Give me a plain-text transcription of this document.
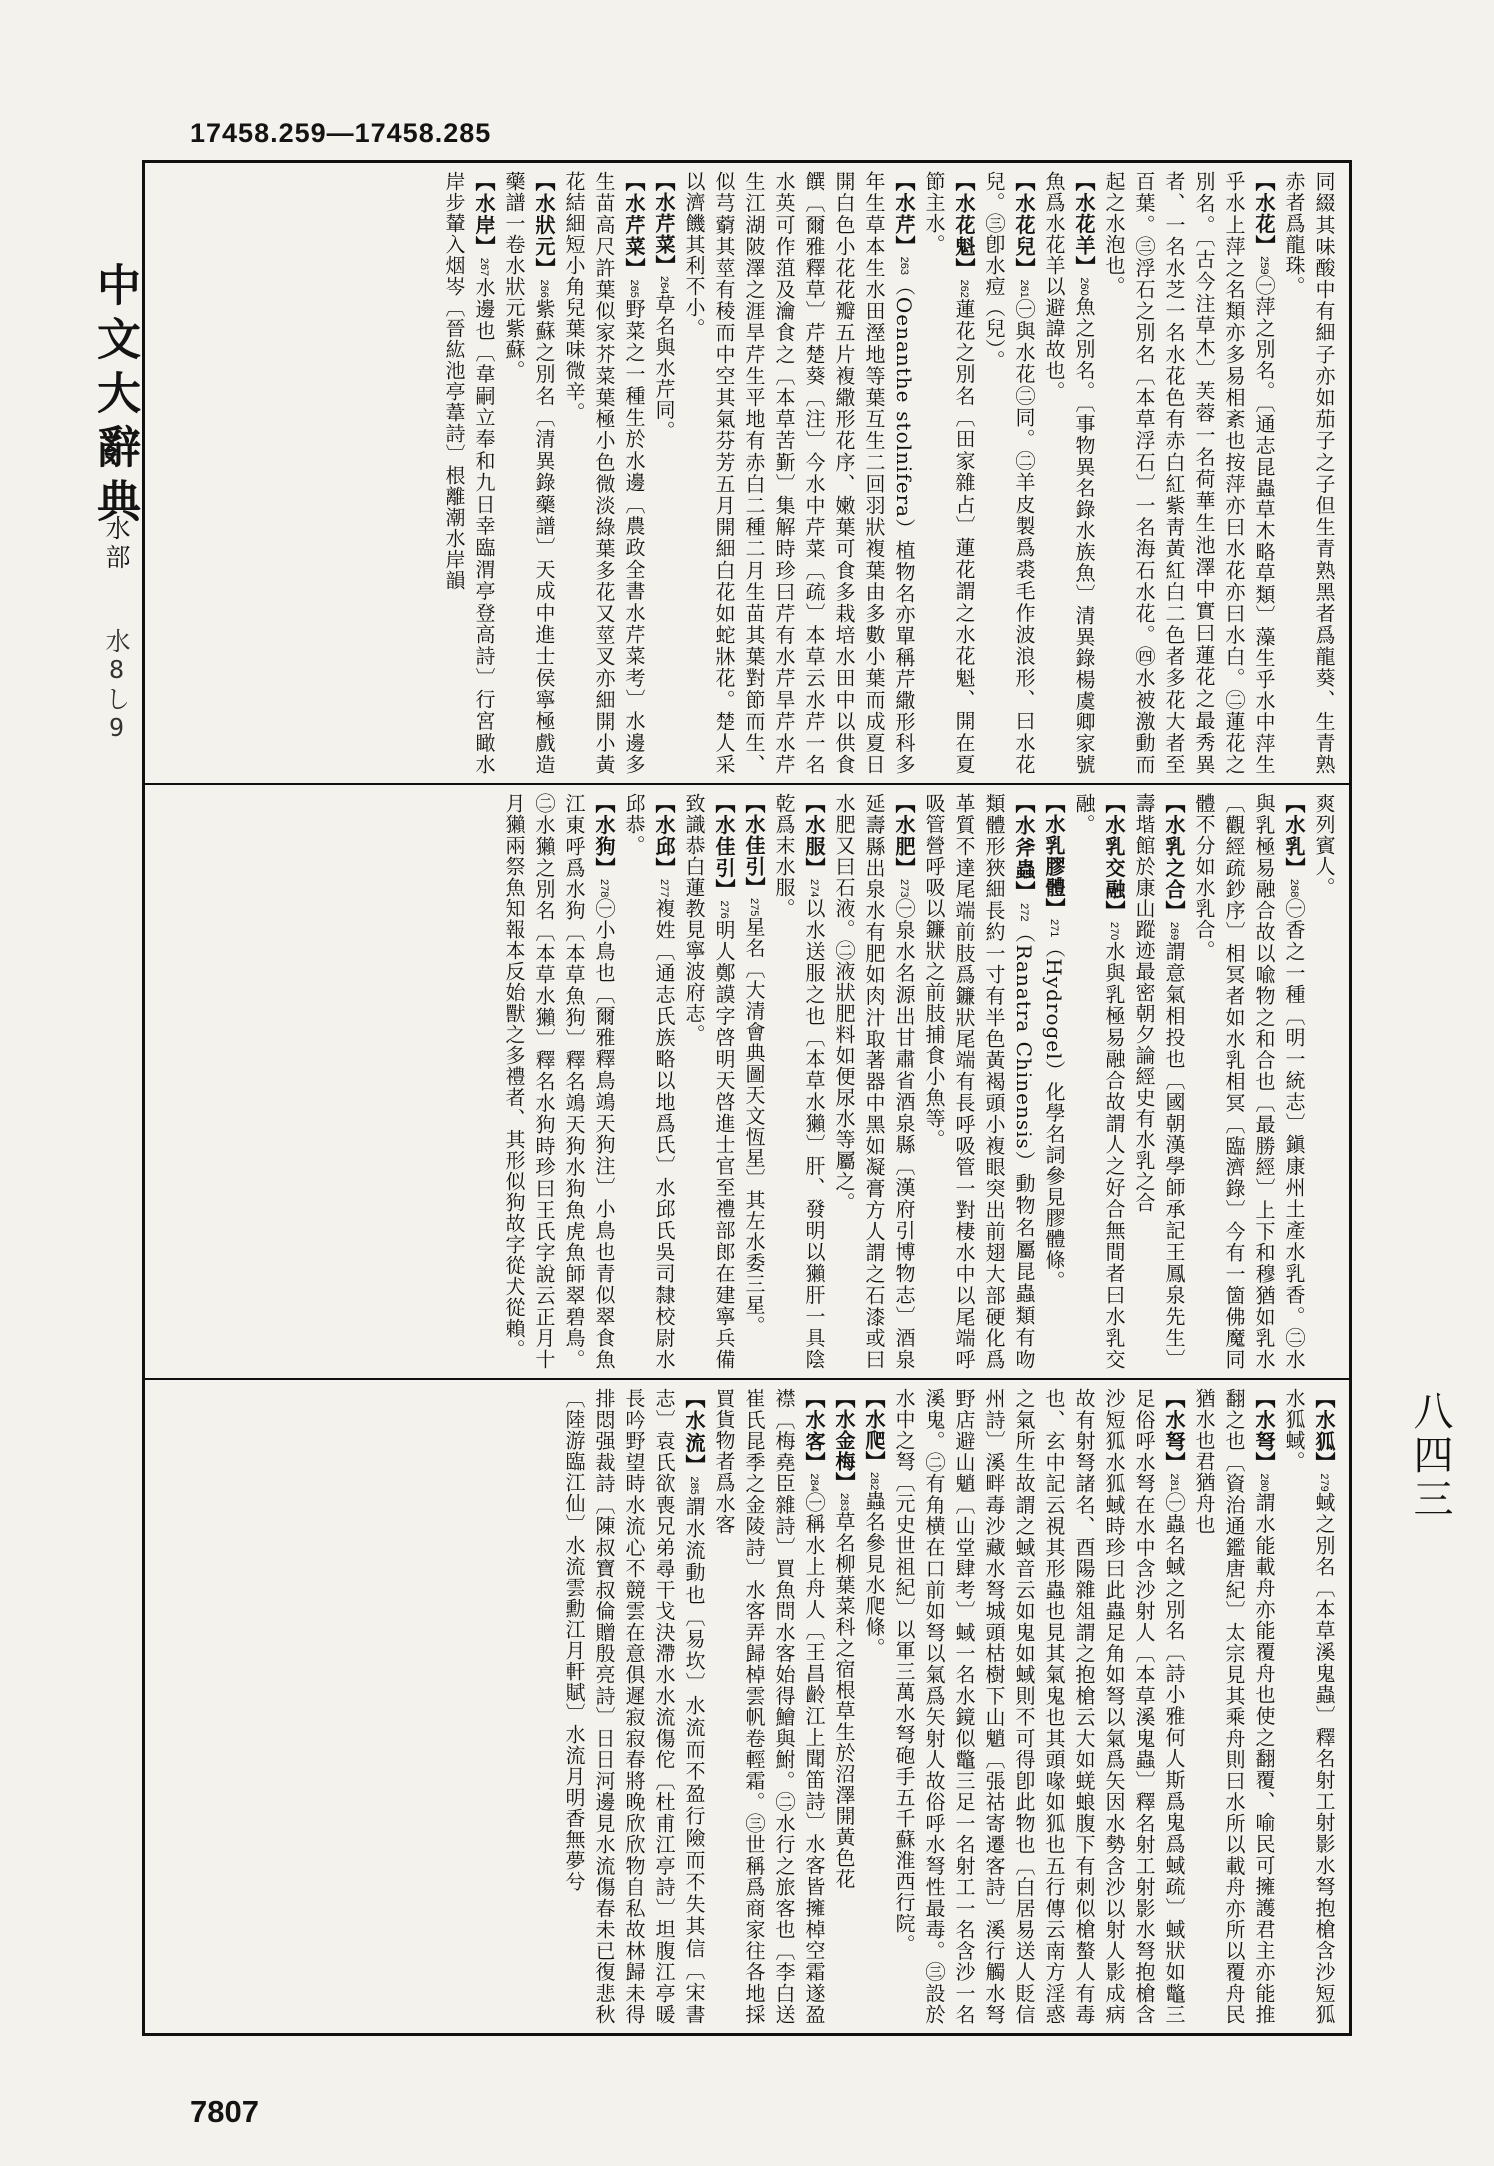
17458.259—17458.285
中文大辭典
水部 水8し9
八四三
同綴其味酸中有細子亦如茄子之子但生青熟黑者爲龍葵、生青熟赤者爲龍珠。
【水花】259㊀萍之別名。〔通志昆蟲草木略草類〕藻生乎水中萍生乎水上萍之名類亦多易相紊也按萍亦曰水花亦曰水白。㊁蓮花之別名。〔古今注草木〕芙蓉一名荷華生池澤中實曰蓮花之最秀異者、一名水芝一名水花色有赤白紅紫靑黃紅白二色者多花大者至百葉。㊂浮石之別名〔本草浮石〕一名海石水花。㊃水被激動而起之水泡也。
【水花羊】260魚之別名。〔事物異名錄水族魚〕清異錄楊虞卿家號魚爲水花羊以避諱故也。
【水花兒】261㊀與水花㊁同。㊁羊皮製爲裘毛作波浪形、曰水花兒。㊂卽水痘（兒）。
【水花魁】262蓮花之別名〔田家雜占〕蓮花謂之水花魁、開在夏節主水。
【水芹】263（Oenanthe stolnifera）植物名亦單稱芹繖形科多年生草本生水田溼地等葉互生二回羽狀複葉由多數小葉而成夏日開白色小花花瓣五片複繖形花序、嫩葉可食多栽培水田中以供食饌〔爾雅釋草〕芹楚葵〔注〕今水中芹菜〔疏〕本草云水芹一名水英可作菹及瀹食之〔本草苦斳〕集解時珍曰芹有水芹旱芹水芹生江湖陂澤之涯旱芹生平地有赤白二種二月生苗其葉對節而生、似芎藭其莖有稜而中空其氣芬芳五月開細白花如蛇牀花。楚人采以濟饑其利不小。
【水芹菜】264草名與水芹同。
【水芹菜】265野菜之一種生於水邊〔農政全書水芹菜考〕水邊多生苗高尺許葉似家芥菜葉極小色微淡綠葉多花又莖叉亦細開小黃花結細短小角兒葉味微辛。
【水狀元】266紫蘇之別名〔清異錄藥譜〕天成中進士侯寧極戲造藥譜一卷水狀元紫蘇。
【水岸】267水邊也〔韋嗣立奉和九日幸臨渭亭登高詩〕行宮瞰水岸步輦入烟岑〔晉紘池亭葦詩〕根離潮水岸韻
爽列賓人。
【水乳】268㊀香之一種〔明一統志〕鎭康州土產水乳香。㊁水與乳極易融合故以喩物之和合也〔最勝經〕上下和穆猶如乳水〔觀經疏鈔序〕相冥者如水乳相冥〔臨濟錄〕今有一箇佛魔同體不分如水乳合。
【水乳之合】269謂意氣相投也〔國朝漢學師承記王鳳泉先生〕壽堦館於康山蹤迹最密朝夕論經史有水乳之合
【水乳交融】270水與乳極易融合故謂人之好合無間者曰水乳交融。
【水乳膠體】271（Hydrogel）化學名詞參見膠體條。
【水斧蟲】272（Ranatra Chinensis）動物名屬昆蟲類有吻類體形狹細長約一寸有半色黃褐頭小複眼突出前翅大部硬化爲革質不達尾端前肢爲鐮狀尾端有長呼吸管一對棲水中以尾端呼吸管營呼吸以鐮狀之前肢捕食小魚等。
【水肥】273㊀泉水名源出甘肅省酒泉縣〔漢府引博物志〕酒泉延壽縣出泉水有肥如肉汁取著器中黑如凝膏方人謂之石漆或曰水肥又曰石液。㊁液狀肥料如便尿水等屬之。
【水服】274以水送服之也〔本草水獺〕肝、發明以獺肝一具陰乾爲末水服。
【水佳引】275星名〔大清會典圖天文恆星〕其左水委三星。
【水佳引】276明人鄭謨字啓明天啓進士官至禮部郎在建寧兵備致識恭白蓮教見寧波府志。
【水邱】277複姓〔通志氏族略以地爲氏〕水邱氏吳司隸校尉水邱恭。
【水狗】278㊀小鳥也〔爾雅釋鳥鴗天狗注〕小鳥也青似翠食魚江東呼爲水狗〔本草魚狗〕釋名鴗天狗水狗魚虎魚師翠碧鳥。㊁水獺之別名〔本草水獺〕釋名水狗時珍曰王氏字說云正月十月獺兩祭魚知報本反始獸之多禮者、其形似狗故字從犬從賴。
【水狐】279蜮之別名〔本草溪鬼蟲〕釋名射工射影水弩抱槍含沙短狐水狐蜮。
【水弩】280謂水能載舟亦能覆舟也使之翻覆、喻民可擁護君主亦能推翻之也〔資治通鑑唐紀〕太宗見其乘舟則曰水所以載舟亦所以覆舟民猶水也君猶舟也
【水弩】281㊀蟲名蜮之別名〔詩小雅何人斯爲鬼爲蜮疏〕蜮狀如鼈三足俗呼水弩在水中含沙射人〔本草溪鬼蟲〕釋名射工射影水弩抱槍含沙短狐水狐蜮時珍曰此蟲足角如弩以氣爲矢因水勢含沙以射人影成病故有射弩諸名、酉陽雜俎謂之抱槍云大如蜣蜋腹下有刺似槍螯人有毒也、玄中記云視其形蟲也見其氣鬼也其頭喙如狐也五行傳云南方淫惑之氣所生故謂之蜮音云如鬼如蜮則不可得卽此物也〔白居易送人貶信州詩〕溪畔毒沙藏水弩城頭枯樹下山魈〔張祜寄遷客詩〕溪行觸水弩野店避山魈〔山堂肆考〕蜮一名水鏡似鼈三足一名射工一名含沙一名溪鬼。㊁有角横在口前如弩以氣爲矢射人故俗呼水弩性最毒。㊂設於水中之弩〔元史世祖紀〕以軍三萬水弩砲手五千蘇淮西行院。
【水爬】282蟲名參見水爬條。
【水金梅】283草名柳葉菜科之宿根草生於沼澤開黃色花
【水客】284㊀稱水上舟人〔王昌齡江上聞笛詩〕水客皆擁棹空霜遂盈襟〔梅堯臣雜詩〕買魚問水客始得鱠與鮒。㊁水行之旅客也〔李白送崔氏昆季之金陵詩〕水客弄歸棹雲帆卷輕霜。㊂世稱爲商家往各地採買貨物者爲水客
【水流】285謂水流動也〔易坎〕水流而不盈行險而不失其信〔宋書志〕袁氏欲喪兄弟尋干戈決滯水水流傷佗〔杜甫江亭詩〕坦腹江亭暖長吟野望時水流心不競雲在意俱遲寂寂春將晚欣欣物自私故林歸未得排悶强裁詩〔陳叔寶叔倫贈殷亮詩〕日日河邊見水流傷春未已復悲秋〔陸游臨江仙〕水流雲勳江月軒賦〕水流月明香無夢兮
7807
